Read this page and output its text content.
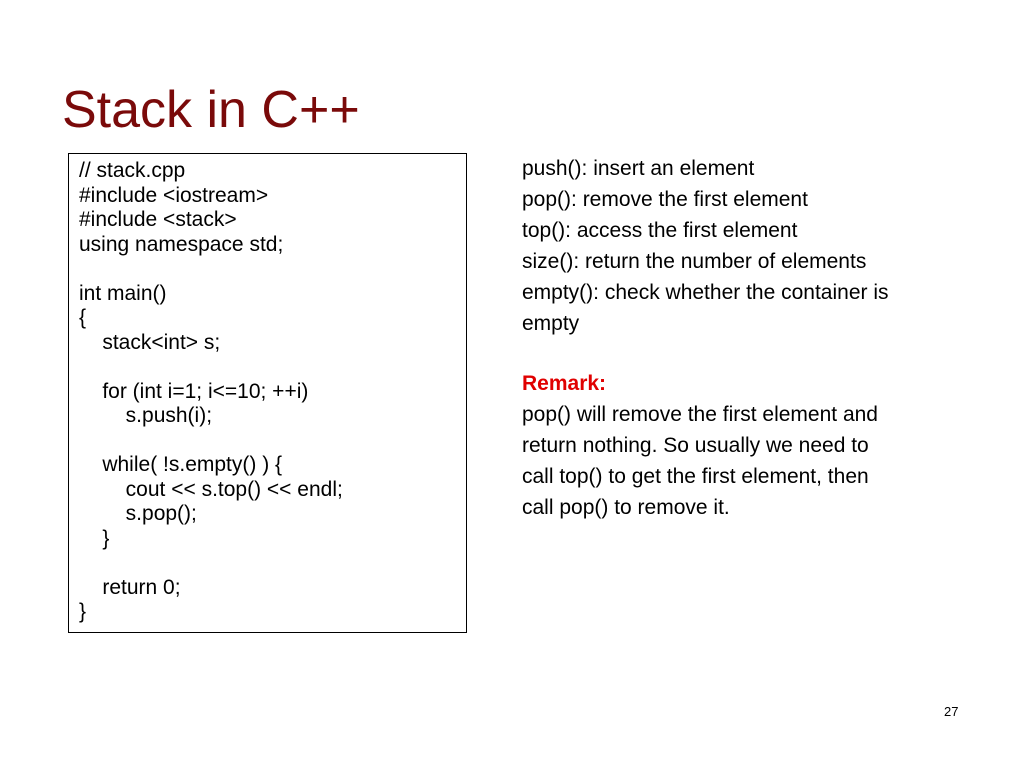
Stack in C++
// stack.cpp
#include <iostream>
#include <stack>
using namespace std;
int main()
{
stack<int> s;
for (int i=1; i<=10; ++i)
s.push(i);
while( !s.empty() ) {
cout << s.top() << endl;
s.pop();
}
return 0;
}
push(): insert an element
pop(): remove the first element
top(): access the first element
size(): return the number of elements
empty(): check whether the container is
empty
Remark:
pop() will remove the first element and
return nothing. So usually we need to
call top() to get the first element, then
call pop() to remove it.
27
